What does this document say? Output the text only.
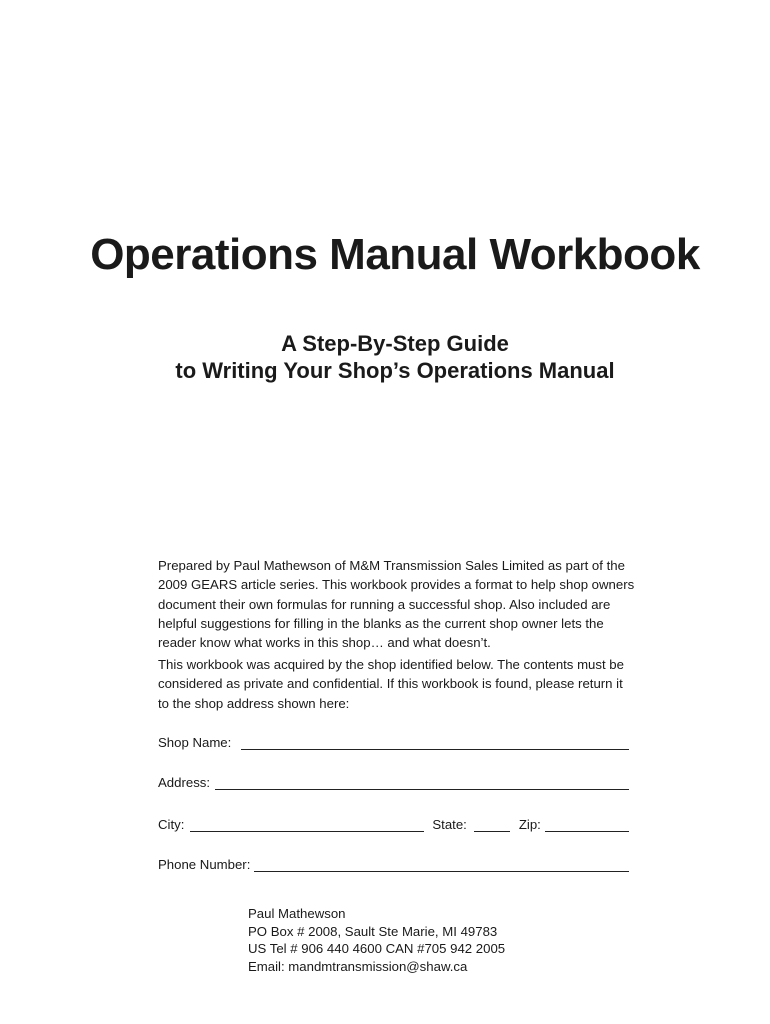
Operations Manual Workbook
A Step-By-Step Guide
to Writing Your Shop’s Operations Manual

Prepared by Paul Mathewson of M&M Transmission Sales Limited as part of the 2009 GEARS article series. This workbook provides a format to help shop owners document their own formulas for running a successful shop. Also included are helpful suggestions for filling in the blanks as the current shop owner lets the reader know what works in this shop… and what doesn’t.

This workbook was acquired by the shop identified below. The contents must be considered as private and confidential. If this workbook is found, please return it to the shop address shown here:

Shop Name:
Address:
City:	State:	Zip:
Phone Number:
Paul Mathewson
PO Box # 2008, Sault Ste Marie, MI 49783
US Tel # 906 440 4600 CAN #705 942 2005
Email: mandmtransmission@shaw.ca
